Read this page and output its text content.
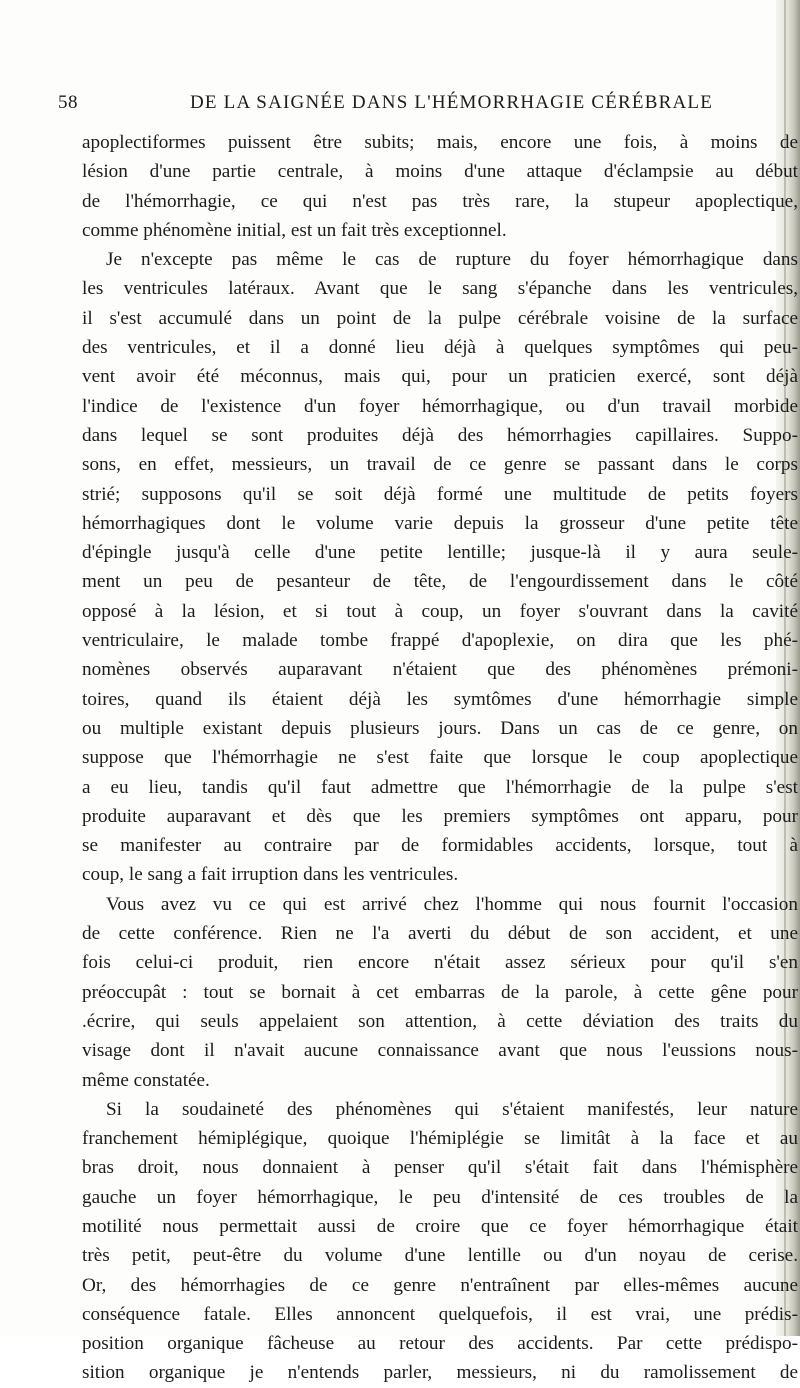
58	DE LA SAIGNÉE DANS L'HÉMORRHAGIE CÉRÉBRALE
apoplectiformes puissent être subits; mais, encore une fois, à moins de
lésion d'une partie centrale, à moins d'une attaque d'éclampsie au début
de l'hémorrhagie, ce qui n'est pas très rare, la stupeur apoplectique,
comme phénomène initial, est un fait très exceptionnel.
Je n'excepte pas même le cas de rupture du foyer hémorrhagique dans
les ventricules latéraux. Avant que le sang s'épanche dans les ventricules,
il s'est accumulé dans un point de la pulpe cérébrale voisine de la surface
des ventricules, et il a donné lieu déjà à quelques symptômes qui peu-
vent avoir été méconnus, mais qui, pour un praticien exercé, sont déjà
l'indice de l'existence d'un foyer hémorrhagique, ou d'un travail morbide
dans lequel se sont produites déjà des hémorrhagies capillaires. Suppo-
sons, en effet, messieurs, un travail de ce genre se passant dans le corps
strié; supposons qu'il se soit déjà formé une multitude de petits foyers
hémorrhagiques dont le volume varie depuis la grosseur d'une petite tête
d'épingle jusqu'à celle d'une petite lentille; jusque-là il y aura seule-
ment un peu de pesanteur de tête, de l'engourdissement dans le côté
opposé à la lésion, et si tout à coup, un foyer s'ouvrant dans la cavité
ventriculaire, le malade tombe frappé d'apoplexie, on dira que les phé-
nomènes observés auparavant n'étaient que des phénomènes prémoni-
toires, quand ils étaient déjà les symtômes d'une hémorrhagie simple
ou multiple existant depuis plusieurs jours. Dans un cas de ce genre, on
suppose que l'hémorrhagie ne s'est faite que lorsque le coup apoplectique
a eu lieu, tandis qu'il faut admettre que l'hémorrhagie de la pulpe s'est
produite auparavant et dès que les premiers symptômes ont apparu, pour
se manifester au contraire par de formidables accidents, lorsque, tout à
coup, le sang a fait irruption dans les ventricules.
Vous avez vu ce qui est arrivé chez l'homme qui nous fournit l'occasion
de cette conférence. Rien ne l'a averti du début de son accident, et une
fois celui-ci produit, rien encore n'était assez sérieux pour qu'il s'en
préoccupât : tout se bornait à cet embarras de la parole, à cette gêne pour
.écrire, qui seuls appelaient son attention, à cette déviation des traits du
visage dont il n'avait aucune connaissance avant que nous l'eussions nous-
même constatée.
Si la soudaineté des phénomènes qui s'étaient manifestés, leur nature
franchement hémiplégique, quoique l'hémiplégie se limitât à la face et au
bras droit, nous donnaient à penser qu'il s'était fait dans l'hémisphère
gauche un foyer hémorrhagique, le peu d'intensité de ces troubles de la
motilité nous permettait aussi de croire que ce foyer hémorrhagique était
très petit, peut-être du volume d'une lentille ou d'un noyau de cerise.
Or, des hémorrhagies de ce genre n'entraînent par elles-mêmes aucune
conséquence fatale. Elles annoncent quelquefois, il est vrai, une prédis-
position organique fâcheuse au retour des accidents. Par cette prédispo-
sition organique je n'entends parler, messieurs, ni du ramolissement de
